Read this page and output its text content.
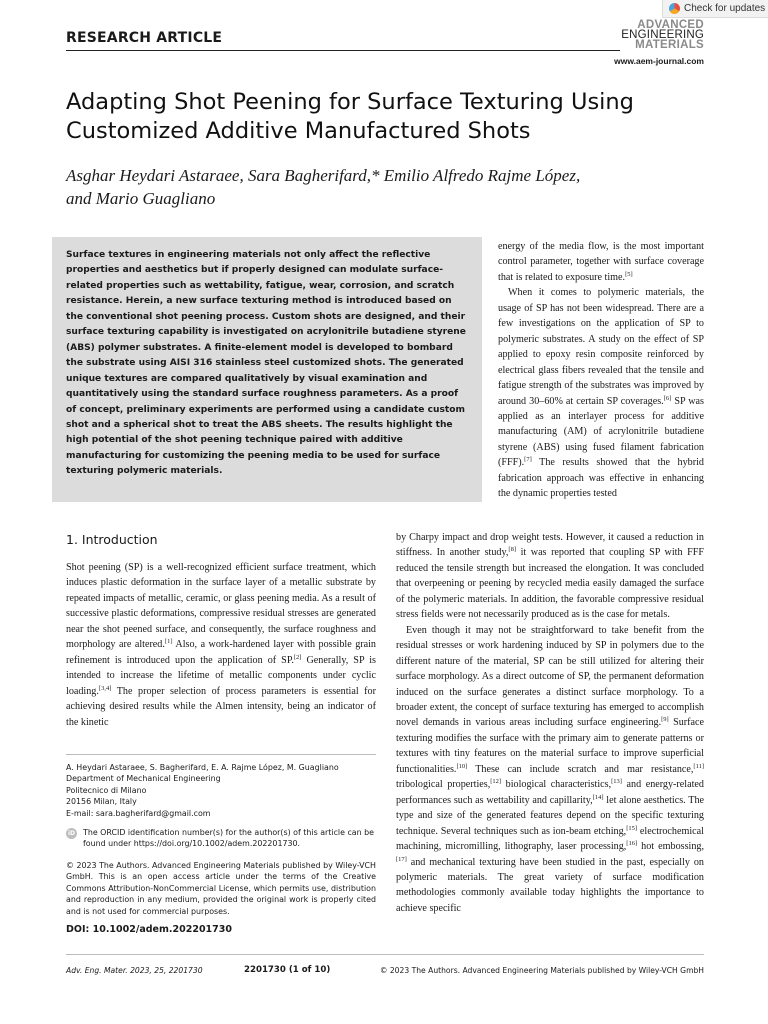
Check for updates
RESEARCH ARTICLE
ADVANCED
ENGINEERING
MATERIALS
www.aem-journal.com
Adapting Shot Peening for Surface Texturing Using Customized Additive Manufactured Shots
Asghar Heydari Astaraee, Sara Bagherifard,* Emilio Alfredo Rajme López,
and Mario Guagliano

Surface textures in engineering materials not only affect the reflective properties and aesthetics but if properly designed can modulate surface-related properties such as wettability, fatigue, wear, corrosion, and scratch resistance. Herein, a new surface texturing method is introduced based on the conventional shot peening process. Custom shots are designed, and their surface texturing capability is investigated on acrylonitrile butadiene styrene (ABS) polymer substrates. A finite-element model is developed to bombard the substrate using AISI 316 stainless steel customized shots. The generated unique textures are compared qualitatively by visual examination and quantitatively using the standard surface roughness parameters. As a proof of concept, preliminary experiments are performed using a candidate custom shot and a spherical shot to treat the ABS sheets. The results highlight the high potential of the shot peening technique paired with additive manufacturing for customizing the peening media to be used for surface texturing polymeric materials.

energy of the media flow, is the most important control parameter, together with surface coverage that is related to exposure time.[5]

When it comes to polymeric materials, the usage of SP has not been widespread. There are a few investigations on the application of SP to polymeric substrates. A study on the effect of SP applied to epoxy resin composite reinforced by electrical glass fibers revealed that the tensile and fatigue strength of the substrates was improved by around 30–60% at certain SP coverages.[6] SP was applied as an interlayer process for additive manufacturing (AM) of acrylonitrile butadiene styrene (ABS) using fused filament fabrication (FFF).[7] The results showed that the hybrid fabrication approach was effective in enhancing the dynamic properties tested

by Charpy impact and drop weight tests. However, it caused a reduction in stiffness. In another study,[8] it was reported that coupling SP with FFF reduced the tensile strength but increased the elongation. It was concluded that overpeening or peening by recycled media easily damaged the surface of the polymeric materials. In addition, the favorable compressive residual stress fields were not necessarily produced as is the case for metals.

Even though it may not be straightforward to take benefit from the residual stresses or work hardening induced by SP in polymers due to the different nature of the material, SP can be still utilized for altering their surface morphology. As a direct outcome of SP, the permanent deformation induced on the surface generates a distinct surface morphology. To a broader extent, the concept of surface texturing has emerged to accomplish novel demands in various areas including surface engineering.[9] Surface texturing modifies the surface with the primary aim to generate patterns or textures with tiny features on the material surface to improve superficial functionalities.[10] These can include scratch and mar resistance,[11] tribological properties,[12] biological characteristics,[13] and energy-related performances such as wettability and capillarity,[14] let alone aesthetics. The type and size of the generated features depend on the specific texturing technique. Several techniques such as ion-beam etching,[15] electrochemical machining, micromilling, lithography, laser processing,[16] hot embossing,[17] and mechanical texturing have been studied in the past, especially on polymeric materials. The great variety of surface modification methodologies commonly available today highlights the importance to achieve specific

1. Introduction

Shot peening (SP) is a well-recognized efficient surface treatment, which induces plastic deformation in the surface layer of a metallic substrate by repeated impacts of metallic, ceramic, or glass peening media. As a result of successive plastic deformations, compressive residual stresses are generated near the shot peened surface, and consequently, the surface roughness and morphology are altered.[1] Also, a work-hardened layer with possible grain refinement is introduced upon the application of SP.[2] Generally, SP is intended to increase the lifetime of metallic components under cyclic loading.[3,4] The proper selection of process parameters is essential for achieving desired results while the Almen intensity, being an indicator of the kinetic

A. Heydari Astaraee, S. Bagherifard, E. A. Rajme López, M. Guagliano
Department of Mechanical Engineering
Politecnico di Milano
20156 Milan, Italy
E-mail: sara.bagherifard@gmail.com
iD The ORCID identification number(s) for the author(s) of this article can be found under https://doi.org/10.1002/adem.202201730.
© 2023 The Authors. Advanced Engineering Materials published by Wiley-VCH GmbH. This is an open access article under the terms of the Creative Commons Attribution-NonCommercial License, which permits use, distribution and reproduction in any medium, provided the original work is properly cited and is not used for commercial purposes.
DOI: 10.1002/adem.202201730
Adv. Eng. Mater. 2023, 25, 2201730	2201730 (1 of 10)	© 2023 The Authors. Advanced Engineering Materials published by Wiley-VCH GmbH
